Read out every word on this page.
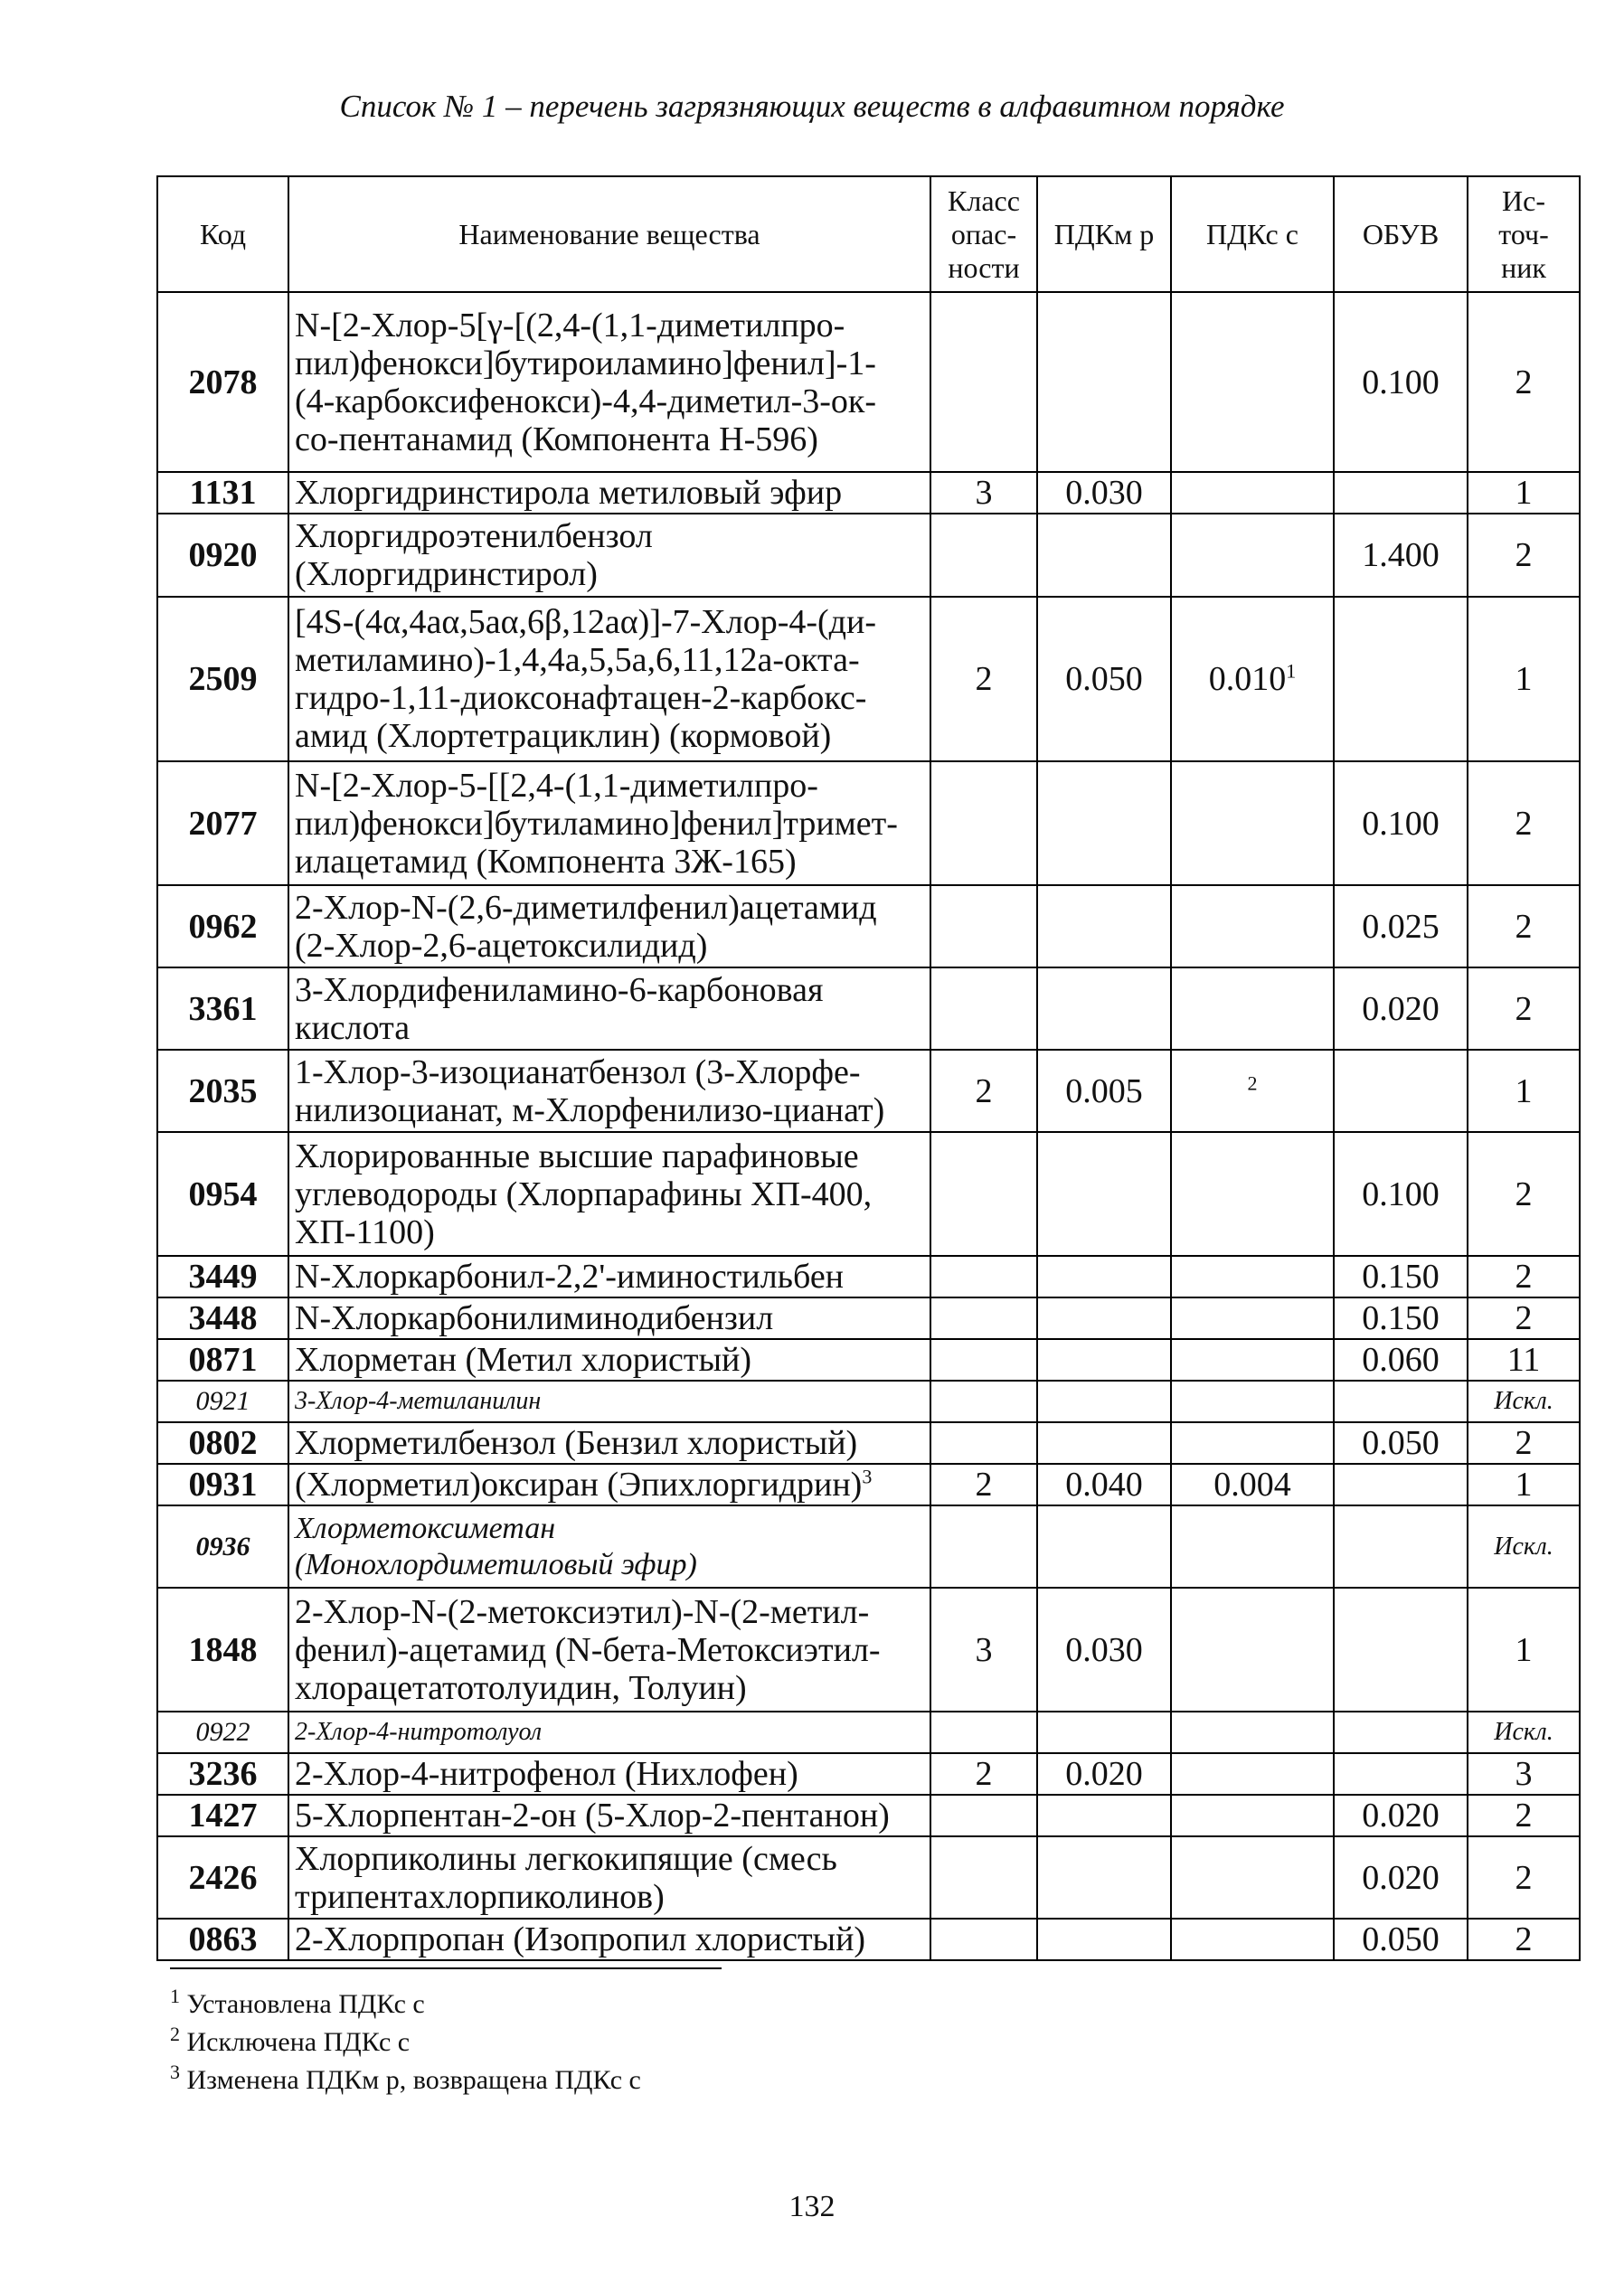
Список № 1 – перечень загрязняющих веществ в алфавитном порядке
Код	Наименование вещества	Класс
опас-
ности	ПДКм р	ПДКс с	ОБУВ	Ис-
точ-
ник
2078	N-[2-Хлор-5[γ-[(2,4-(1,1-диметилпро-
пил)фенокси]бутироиламино]фенил]-1-
(4-карбоксифенокси)-4,4-диметил-3-ок-
со-пентанамид (Компонента Н-596)				0.100	2
1131	Хлоргидринстирола метиловый эфир	3	0.030			1
0920	Хлоргидроэтенилбензол
(Хлоргидринстирол)				1.400	2
2509	[4S-(4α,4aα,5aα,6β,12aα)]-7-Хлор-4-(ди-
метиламино)-1,4,4a,5,5a,6,11,12a-окта-
гидро-1,11-диоксонафтацен-2-карбокс-
амид (Хлортетрациклин) (кормовой)	2	0.050	0.010$^1$		1
2077	N-[2-Хлор-5-[[2,4-(1,1-диметилпро-
пил)фенокси]бутиламино]фенил]тримет-
илацетамид (Компонента 3Ж-165)				0.100	2
0962	2-Хлор-N-(2,6-диметилфенил)ацетамид
(2-Хлор-2,6-ацетоксилидид)				0.025	2
3361	3-Хлордифениламино-6-карбоновая
кислота				0.020	2
2035	1-Хлор-3-изоцианатбензол (3-Хлорфе-
нилизоцианат, м-Хлорфенилизо-цианат)	2	0.005	$^2$		1
0954	Хлорированные высшие парафиновые
углеводороды (Хлорпарафины ХП-400,
ХП-1100)				0.100	2
3449	N-Хлоркарбонил-2,2'-иминостильбен				0.150	2
3448	N-Хлоркарбонилиминодибензил				0.150	2
0871	Хлорметан (Метил хлористый)				0.060	11
0921	3-Хлор-4-метиланилин					Искл.
0802	Хлорметилбензол (Бензил хлористый)				0.050	2
0931	(Хлорметил)оксиран (Эпихлоргидрин)$^3$	2	0.040	0.004		1
0936	Хлорметоксиметан
(Монохлордиметиловый эфир)					Искл.
1848	2-Хлор-N-(2-метоксиэтил)-N-(2-метил-
фенил)-ацетамид (N-бета-Метоксиэтил-
хлорацетатотолуидин, Толуин)	3	0.030			1
0922	2-Хлор-4-нитротолуол					Искл.
3236	2-Хлор-4-нитрофенол (Нихлофен)	2	0.020			3
1427	5-Хлорпентан-2-он (5-Хлор-2-пентанон)				0.020	2
2426	Хлорпиколины легкокипящие (смесь
трипентахлорпиколинов)				0.020	2
0863	2-Хлорпропан (Изопропил хлористый)				0.050	2
$^1$ Установлена ПДКс с
$^2$ Исключена ПДКс с
$^3$ Изменена ПДКм р, возвращена ПДКс с
132
